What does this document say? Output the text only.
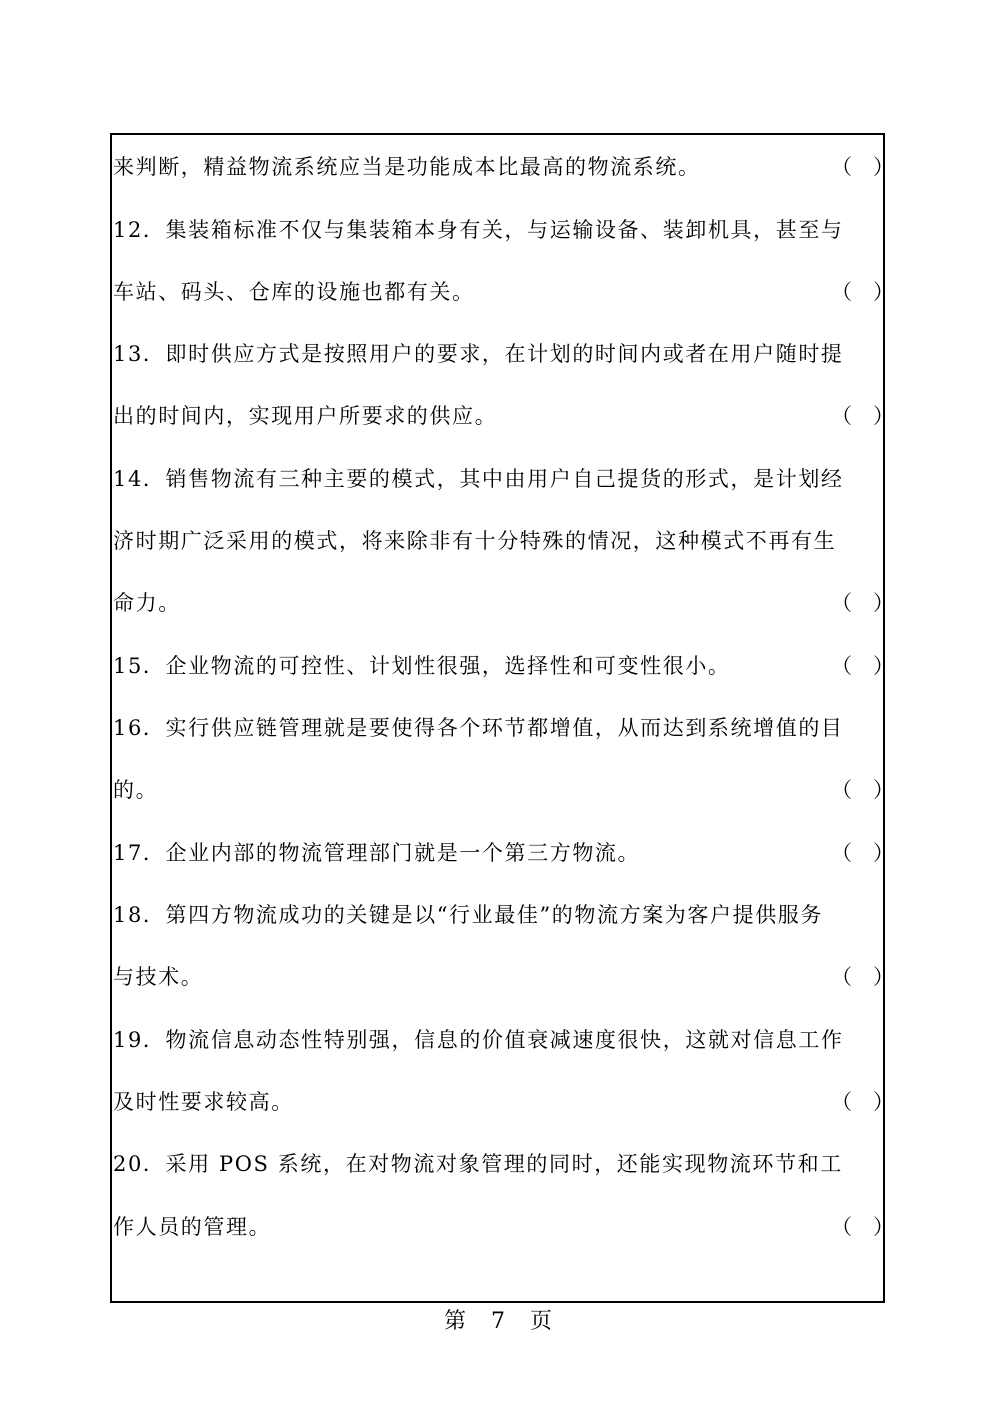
来判断，精益物流系统应当是功能成本比最高的物流系统。	（　）
12．集装箱标准不仅与集装箱本身有关，与运输设备、装卸机具，甚至与
车站、码头、仓库的设施也都有关。	（　）
13．即时供应方式是按照用户的要求，在计划的时间内或者在用户随时提
出的时间内，实现用户所要求的供应。	（　）
14．销售物流有三种主要的模式，其中由用户自己提货的形式，是计划经
济时期广泛采用的模式，将来除非有十分特殊的情况，这种模式不再有生
命力。	（　）
15．企业物流的可控性、计划性很强，选择性和可变性很小。	（　）
16．实行供应链管理就是要使得各个环节都增值，从而达到系统增值的目
的。	（　）
17．企业内部的物流管理部门就是一个第三方物流。	（　）
18．第四方物流成功的关键是以“行业最佳”的物流方案为客户提供服务
与技术。	（　）
19．物流信息动态性特别强，信息的价值衰减速度很快，这就对信息工作
及时性要求较高。	（　）
20．采用 POS 系统，在对物流对象管理的同时，还能实现物流环节和工
作人员的管理。	（　）
第 7 页
